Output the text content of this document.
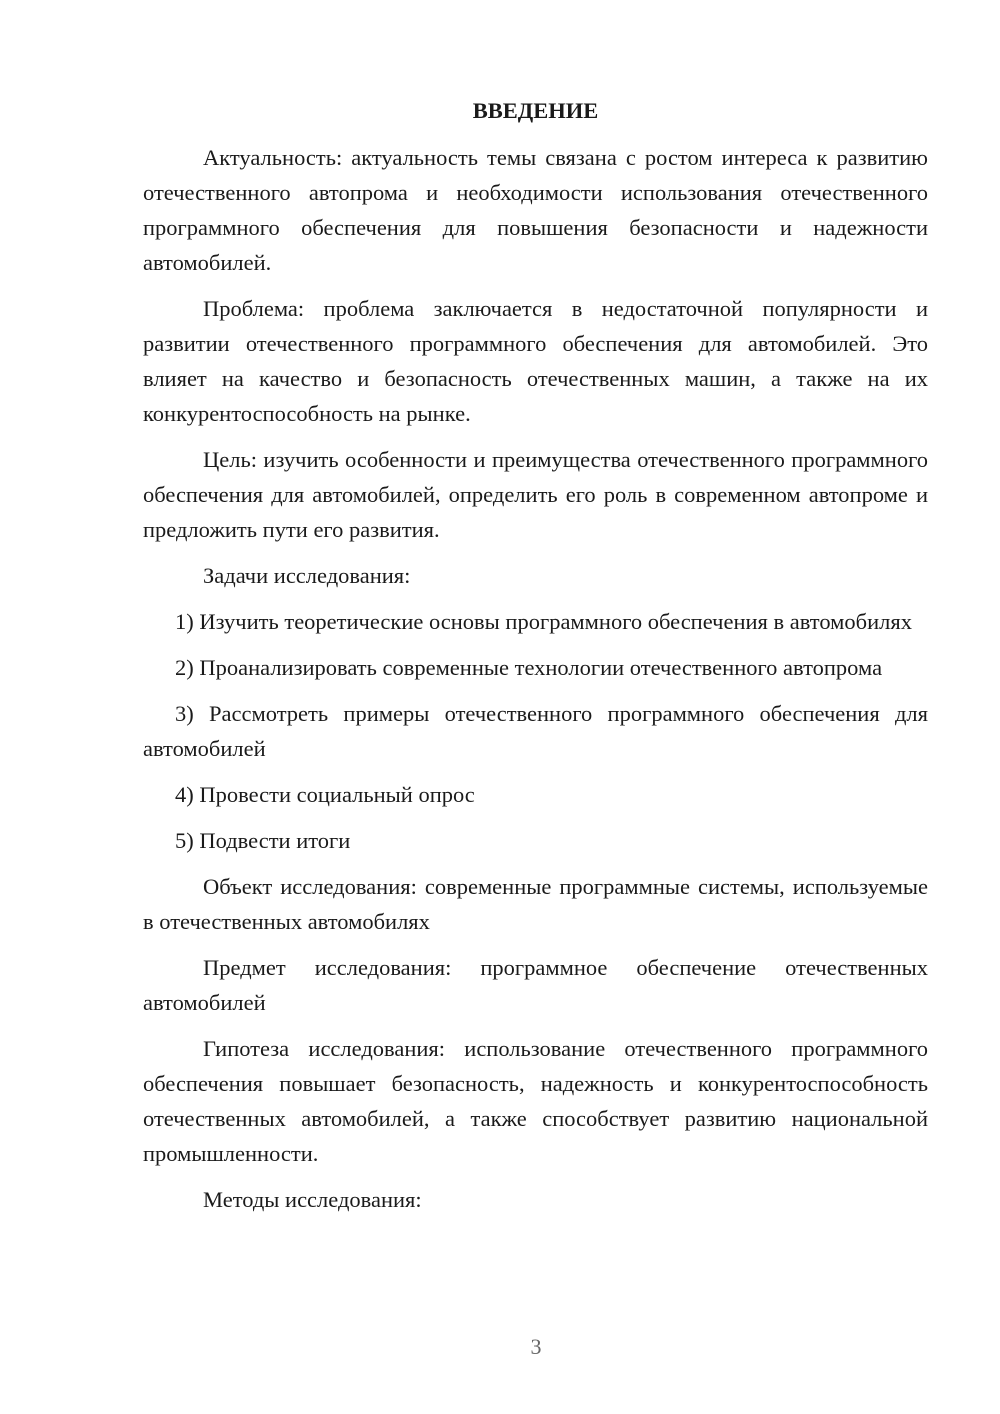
ВВЕДЕНИЕ

Актуальность: актуальность темы связана с ростом интереса к развитию отечественного автопрома и необходимости использования отечественного программного обеспечения для повышения безопасности и надежности автомобилей.

Проблема: проблема заключается в недостаточной популярности и развитии отечественного программного обеспечения для автомобилей. Это влияет на качество и безопасность отечественных машин, а также на их конкурентоспособность на рынке.

Цель: изучить особенности и преимущества отечественного программного обеспечения для автомобилей, определить его роль в современном автопроме и предложить пути его развития.

Задачи исследования:

1) Изучить теоретические основы программного обеспечения в автомобилях

2) Проанализировать современные технологии отечественного автопрома

3) Рассмотреть примеры отечественного программного обеспечения для автомобилей

4) Провести социальный опрос

5) Подвести итоги

Объект исследования: современные программные системы, используемые в отечественных автомобилях

Предмет исследования: программное обеспечение отечественных автомобилей

Гипотеза исследования: использование отечественного программного обеспечения повышает безопасность, надежность и конкурентоспособность отечественных автомобилей, а также способствует развитию национальной промышленности.

Методы исследования:

3
